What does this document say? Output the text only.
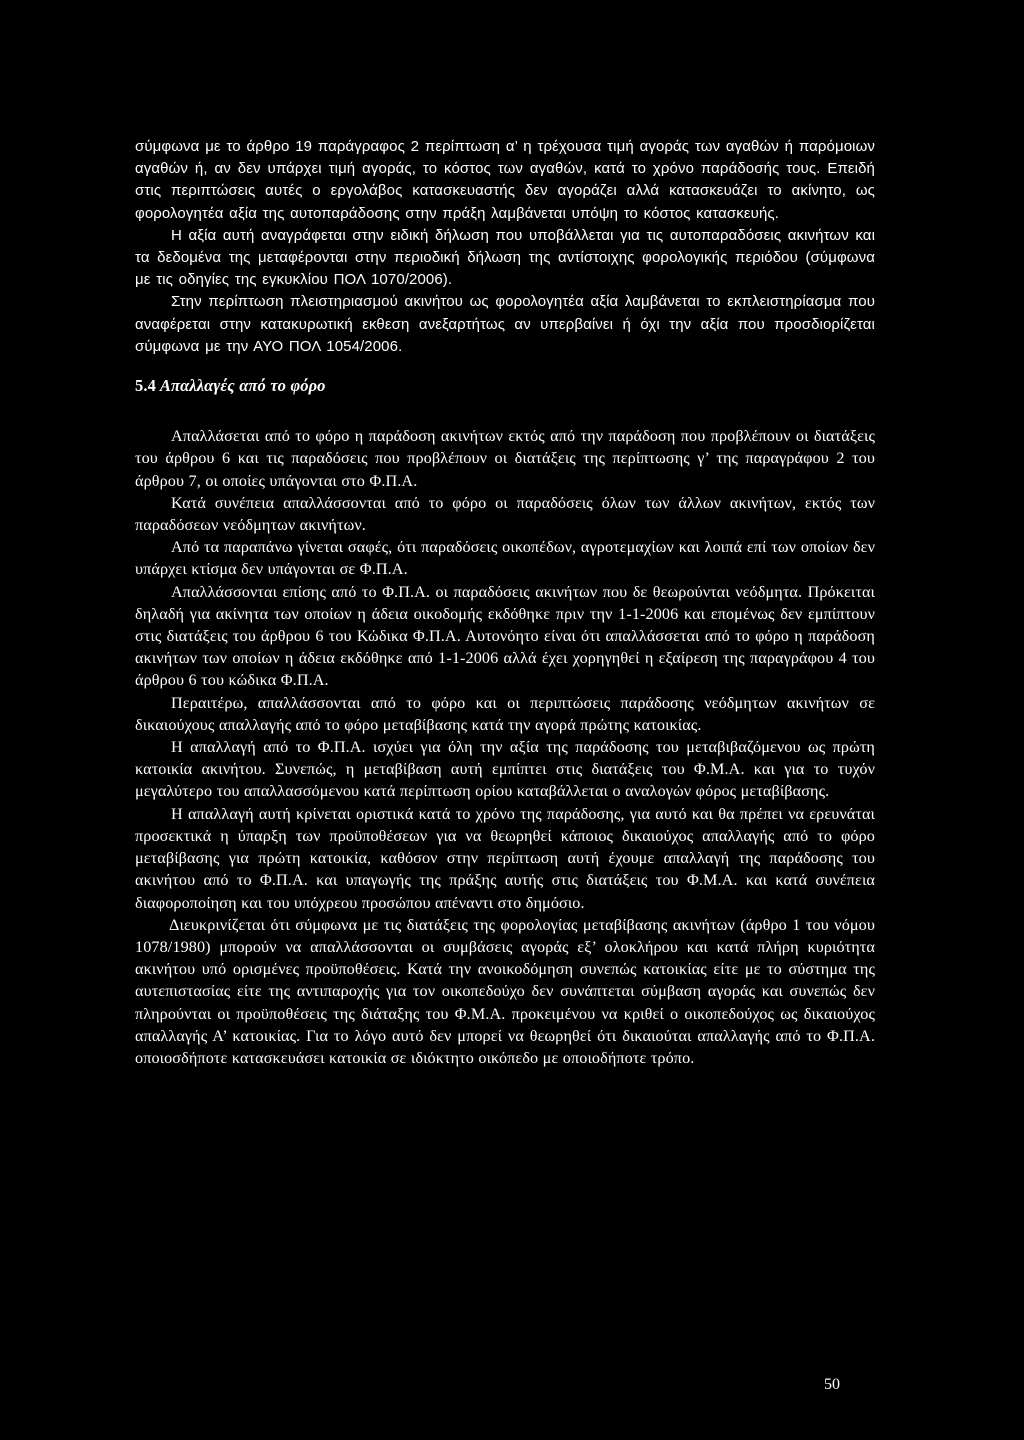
σύμφωνα με το άρθρο 19 παράγραφος 2 περίπτωση α’ η τρέχουσα τιμή αγοράς των αγαθών ή παρόμοιων αγαθών ή, αν δεν υπάρχει τιμή αγοράς, το κόστος των αγαθών, κατά το χρόνο παράδοσής τους. Επειδή στις περιπτώσεις αυτές ο εργολάβος κατασκευαστής δεν αγοράζει αλλά κατασκευάζει το ακίνητο, ως φορολογητέα αξία της αυτοπαράδοσης στην πράξη λαμβάνεται υπόψη το κόστος κατασκευής.

Η αξία αυτή αναγράφεται στην ειδική δήλωση που υποβάλλεται για τις αυτοπαραδόσεις ακινήτων και τα δεδομένα της μεταφέρονται στην περιοδική δήλωση της αντίστοιχης φορολογικής περιόδου (σύμφωνα με τις οδηγίες της εγκυκλίου ΠΟΛ 1070/2006).

Στην περίπτωση πλειστηριασμού ακινήτου ως φορολογητέα αξία λαμβάνεται το εκπλειστηρίασμα που αναφέρεται στην κατακυρωτική εκθεση ανεξαρτήτως αν υπερβαίνει ή όχι την αξία που προσδιορίζεται σύμφωνα με την ΑΥΟ ΠΟΛ 1054/2006.

5.4 Απαλλαγές από το φόρο

Απαλλάσεται από το φόρο η παράδοση ακινήτων εκτός από την παράδοση που προβλέπουν οι διατάξεις του άρθρου 6 και τις παραδόσεις που προβλέπουν οι διατάξεις της περίπτωσης γ’ της παραγράφου 2 του άρθρου 7, οι οποίες υπάγονται στο Φ.Π.Α.

Κατά συνέπεια απαλλάσσονται από το φόρο οι παραδόσεις όλων των άλλων ακινήτων, εκτός των παραδόσεων νεόδμητων ακινήτων.

Από τα παραπάνω γίνεται σαφές, ότι παραδόσεις οικοπέδων, αγροτεμαχίων και λοιπά επί των οποίων δεν υπάρχει κτίσμα δεν υπάγονται σε Φ.Π.Α.

Απαλλάσσονται επίσης από το Φ.Π.Α. οι παραδόσεις ακινήτων που δε θεωρούνται νεόδμητα. Πρόκειται δηλαδή για ακίνητα των οποίων η άδεια οικοδομής εκδόθηκε πριν την 1-1-2006 και επομένως δεν εμπίπτουν στις διατάξεις του άρθρου 6 του Κώδικα Φ.Π.Α. Αυτονόητο είναι ότι απαλλάσσεται από το φόρο η παράδοση ακινήτων των οποίων η άδεια εκδόθηκε από 1-1-2006 αλλά έχει χορηγηθεί η εξαίρεση της παραγράφου 4 του άρθρου 6 του κώδικα Φ.Π.Α.

Περαιτέρω, απαλλάσσονται από το φόρο και οι περιπτώσεις παράδοσης νεόδμητων ακινήτων σε δικαιούχους απαλλαγής από το φόρο μεταβίβασης κατά την αγορά πρώτης κατοικίας.

Η απαλλαγή από το Φ.Π.Α. ισχύει για όλη την αξία της παράδοσης του μεταβιβαζόμενου ως πρώτη κατοικία ακινήτου. Συνεπώς, η μεταβίβαση αυτή εμπίπτει στις διατάξεις του Φ.Μ.Α. και για το τυχόν μεγαλύτερο του απαλλασσόμενου κατά περίπτωση ορίου καταβάλλεται ο αναλογών φόρος μεταβίβασης.

Η απαλλαγή αυτή κρίνεται οριστικά κατά το χρόνο της παράδοσης, για αυτό και θα πρέπει να ερευνάται προσεκτικά η ύπαρξη των προϋποθέσεων για να θεωρηθεί κάποιος δικαιούχος απαλλαγής από το φόρο μεταβίβασης για πρώτη κατοικία, καθόσον στην περίπτωση αυτή έχουμε απαλλαγή της παράδοσης του ακινήτου από το Φ.Π.Α. και υπαγωγής της πράξης αυτής στις διατάξεις του Φ.Μ.Α. και κατά συνέπεια διαφοροποίηση και του υπόχρεου προσώπου απέναντι στο δημόσιο.

Διευκρινίζεται ότι σύμφωνα με τις διατάξεις της φορολογίας μεταβίβασης ακινήτων (άρθρο 1 του νόμου 1078/1980) μπορούν να απαλλάσσονται οι συμβάσεις αγοράς εξ’ ολοκλήρου και κατά πλήρη κυριότητα ακινήτου υπό ορισμένες προϋποθέσεις. Κατά την ανοικοδόμηση συνεπώς κατοικίας είτε με το σύστημα της αυτεπιστασίας είτε της αντιπαροχής για τον οικοπεδούχο δεν συνάπτεται σύμβαση αγοράς και συνεπώς δεν πληρούνται οι προϋποθέσεις της διάταξης του Φ.Μ.Α. προκειμένου να κριθεί ο οικοπεδούχος ως δικαιούχος απαλλαγής Α’ κατοικίας. Για το λόγο αυτό δεν μπορεί να θεωρηθεί ότι δικαιούται απαλλαγής από το Φ.Π.Α. οποιοσδήποτε κατασκευάσει κατοικία σε ιδιόκτητο οικόπεδο με οποιοδήποτε τρόπο.

50
